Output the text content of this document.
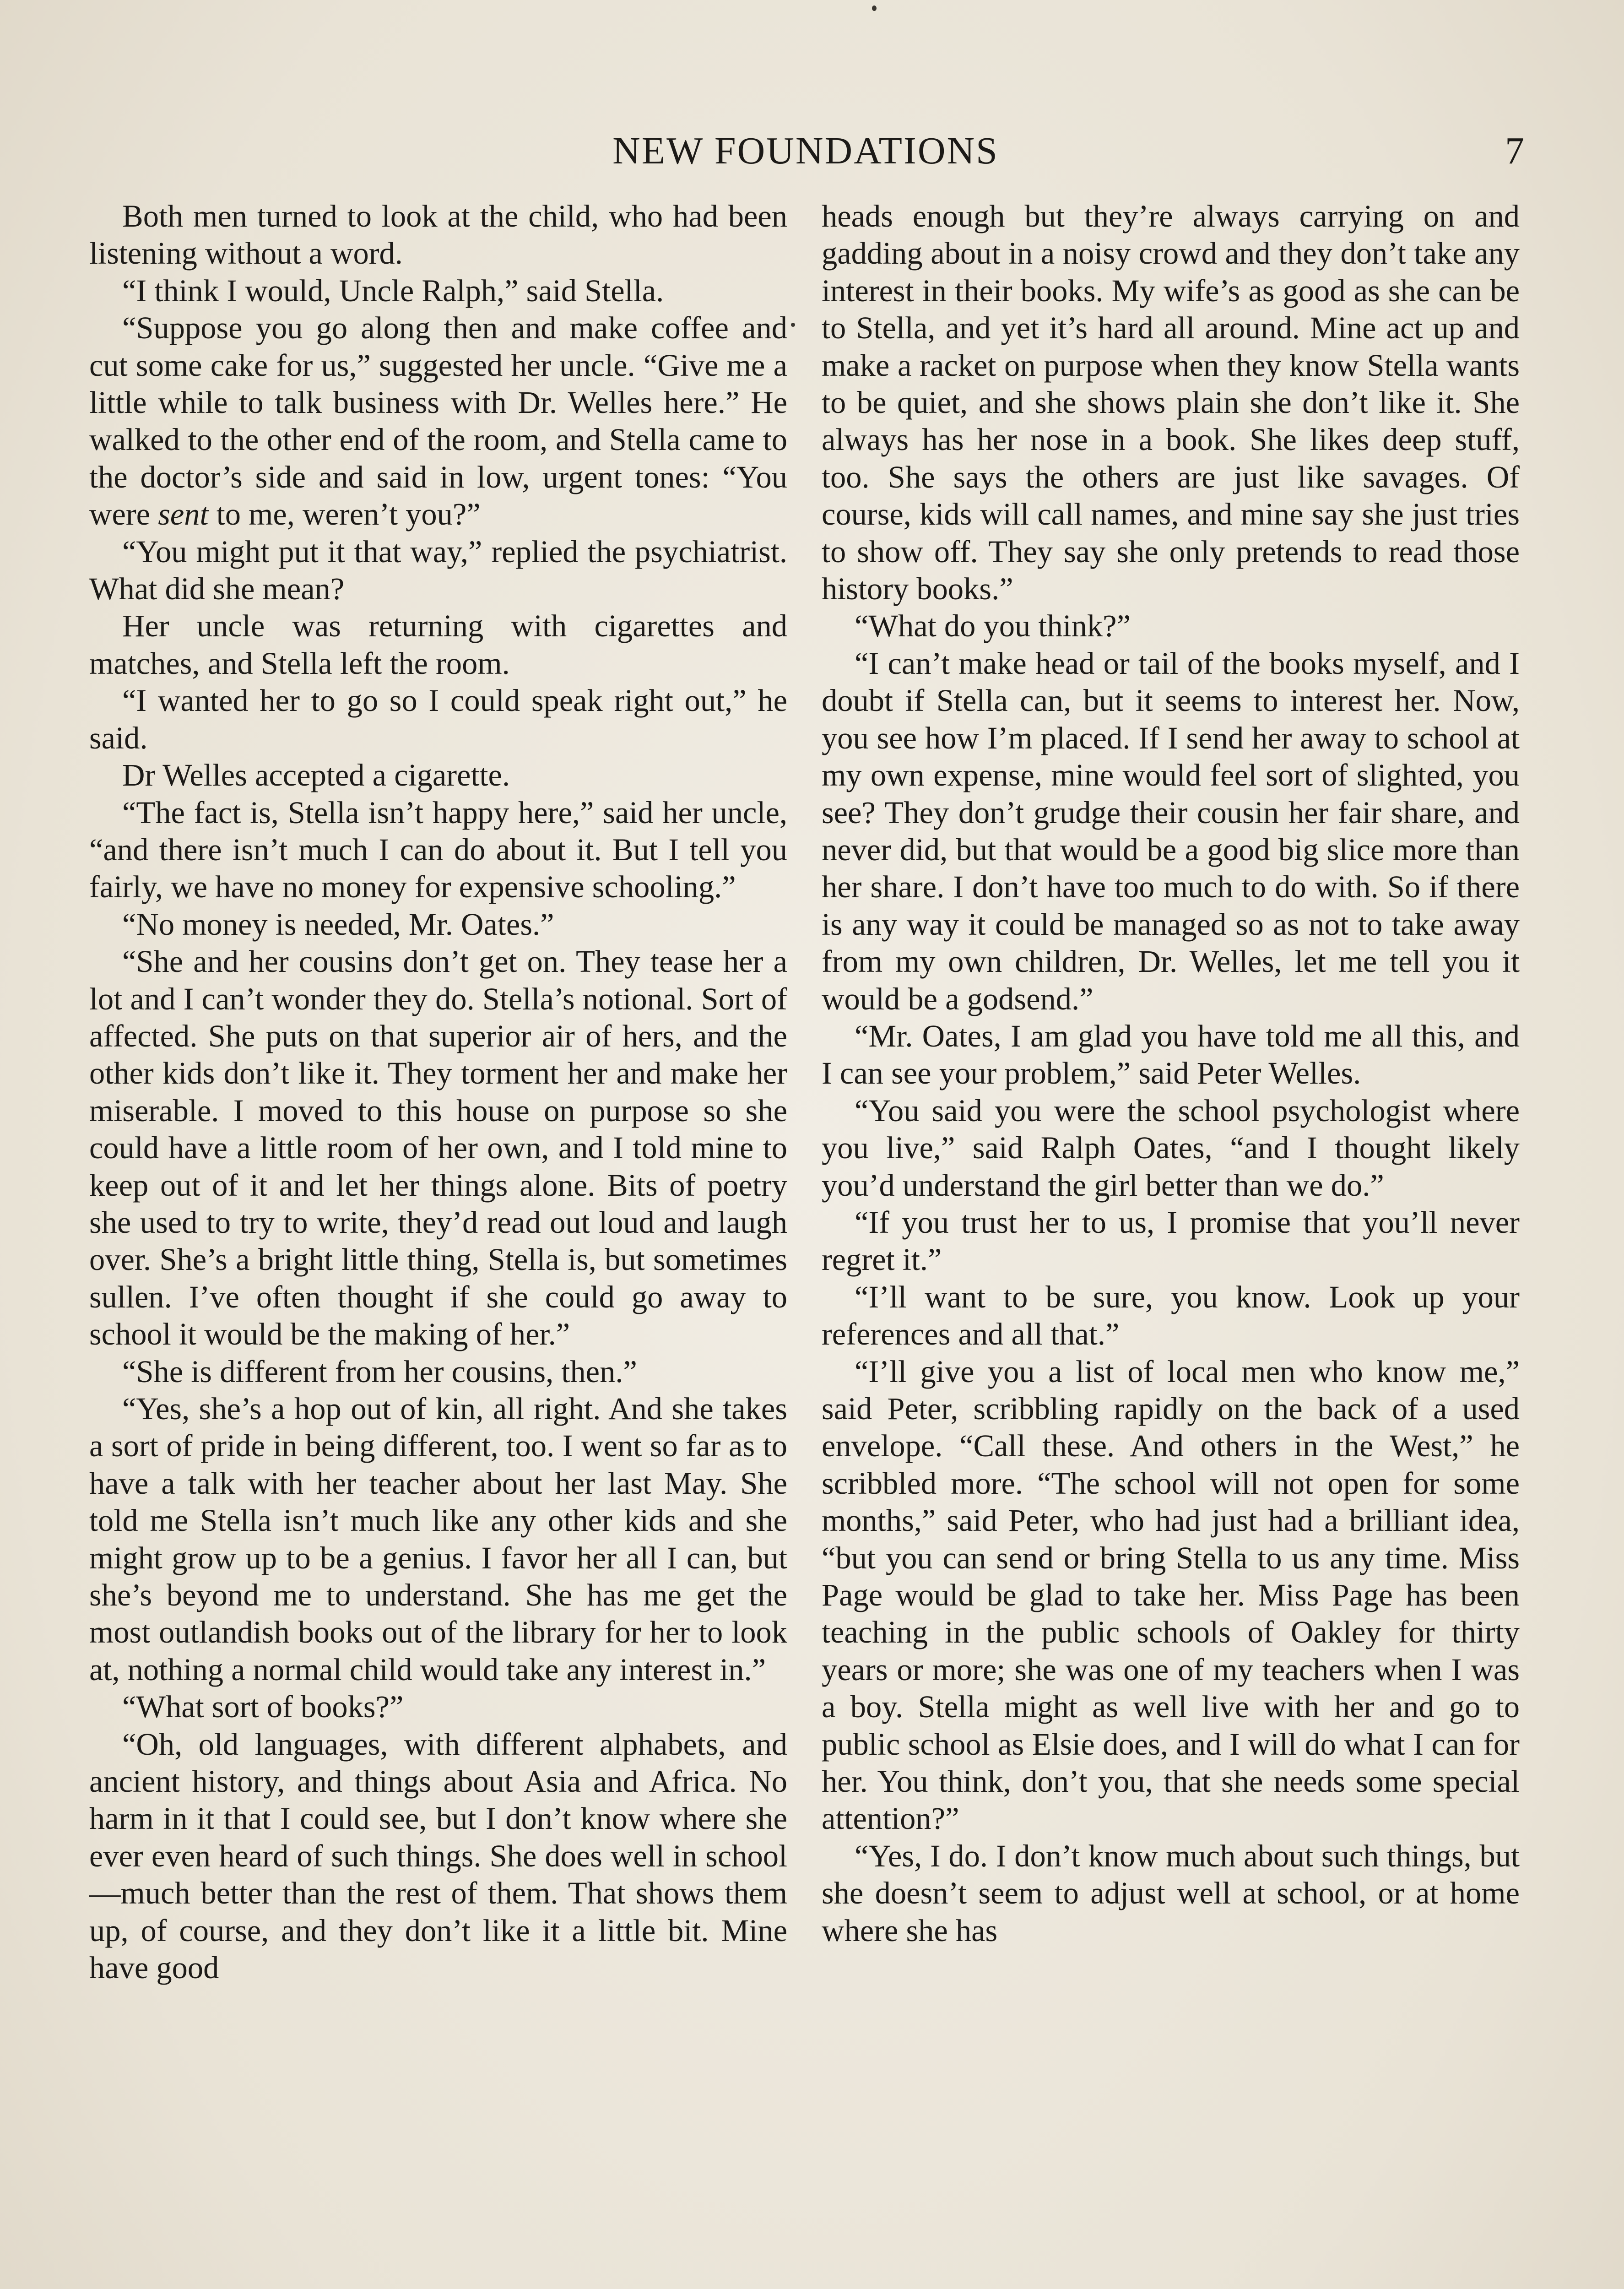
NEW FOUNDATIONS	7

Both men turned to look at the child, who had been listening without a word.

“I think I would, Uncle Ralph,” said Stella.

“Suppose you go along then and make coffee and cut some cake for us,” suggested her uncle. “Give me a little while to talk business with Dr. Welles here.” He walked to the other end of the room, and Stella came to the doctor’s side and said in low, urgent tones: “You were sent to me, weren’t you?”

“You might put it that way,” replied the psychiatrist. What did she mean?

Her uncle was returning with cigarettes and matches, and Stella left the room.

“I wanted her to go so I could speak right out,” he said.

Dr Welles accepted a cigarette.

“The fact is, Stella isn’t happy here,” said her uncle, “and there isn’t much I can do about it. But I tell you fairly, we have no money for expensive schooling.”

“No money is needed, Mr. Oates.”

“She and her cousins don’t get on. They tease her a lot and I can’t wonder they do. Stella’s notional. Sort of affected. She puts on that superior air of hers, and the other kids don’t like it. They torment her and make her miserable. I moved to this house on purpose so she could have a little room of her own, and I told mine to keep out of it and let her things alone. Bits of poetry she used to try to write, they’d read out loud and laugh over. She’s a bright little thing, Stella is, but sometimes sullen. I’ve often thought if she could go away to school it would be the making of her.”

“She is different from her cousins, then.”

“Yes, she’s a hop out of kin, all right. And she takes a sort of pride in being different, too. I went so far as to have a talk with her teacher about her last May. She told me Stella isn’t much like any other kids and she might grow up to be a genius. I favor her all I can, but she’s beyond me to understand. She has me get the most outlandish books out of the library for her to look at, nothing a normal child would take any interest in.”

“What sort of books?”

“Oh, old languages, with different alphabets, and ancient history, and things about Asia and Africa. No harm in it that I could see, but I don’t know where she ever even heard of such things. She does well in school—much better than the rest of them. That shows them up, of course, and they don’t like it a little bit. Mine have good

heads enough but they’re always carrying on and gadding about in a noisy crowd and they don’t take any interest in their books. My wife’s as good as she can be to Stella, and yet it’s hard all around. Mine act up and make a racket on purpose when they know Stella wants to be quiet, and she shows plain she don’t like it. She always has her nose in a book. She likes deep stuff, too. She says the others are just like savages. Of course, kids will call names, and mine say she just tries to show off. They say she only pretends to read those history books.”

“What do you think?”

“I can’t make head or tail of the books myself, and I doubt if Stella can, but it seems to interest her. Now, you see how I’m placed. If I send her away to school at my own expense, mine would feel sort of slighted, you see? They don’t grudge their cousin her fair share, and never did, but that would be a good big slice more than her share. I don’t have too much to do with. So if there is any way it could be managed so as not to take away from my own children, Dr. Welles, let me tell you it would be a godsend.”

“Mr. Oates, I am glad you have told me all this, and I can see your problem,” said Peter Welles.

“You said you were the school psychologist where you live,” said Ralph Oates, “and I thought likely you’d understand the girl better than we do.”

“If you trust her to us, I promise that you’ll never regret it.”

“I’ll want to be sure, you know. Look up your references and all that.”

“I’ll give you a list of local men who know me,” said Peter, scribbling rapidly on the back of a used envelope. “Call these. And others in the West,” he scribbled more. “The school will not open for some months,” said Peter, who had just had a brilliant idea, “but you can send or bring Stella to us any time. Miss Page would be glad to take her. Miss Page has been teaching in the public schools of Oakley for thirty years or more; she was one of my teachers when I was a boy. Stella might as well live with her and go to public school as Elsie does, and I will do what I can for her. You think, don’t you, that she needs some special attention?”

“Yes, I do. I don’t know much about such things, but she doesn’t seem to adjust well at school, or at home where she has
